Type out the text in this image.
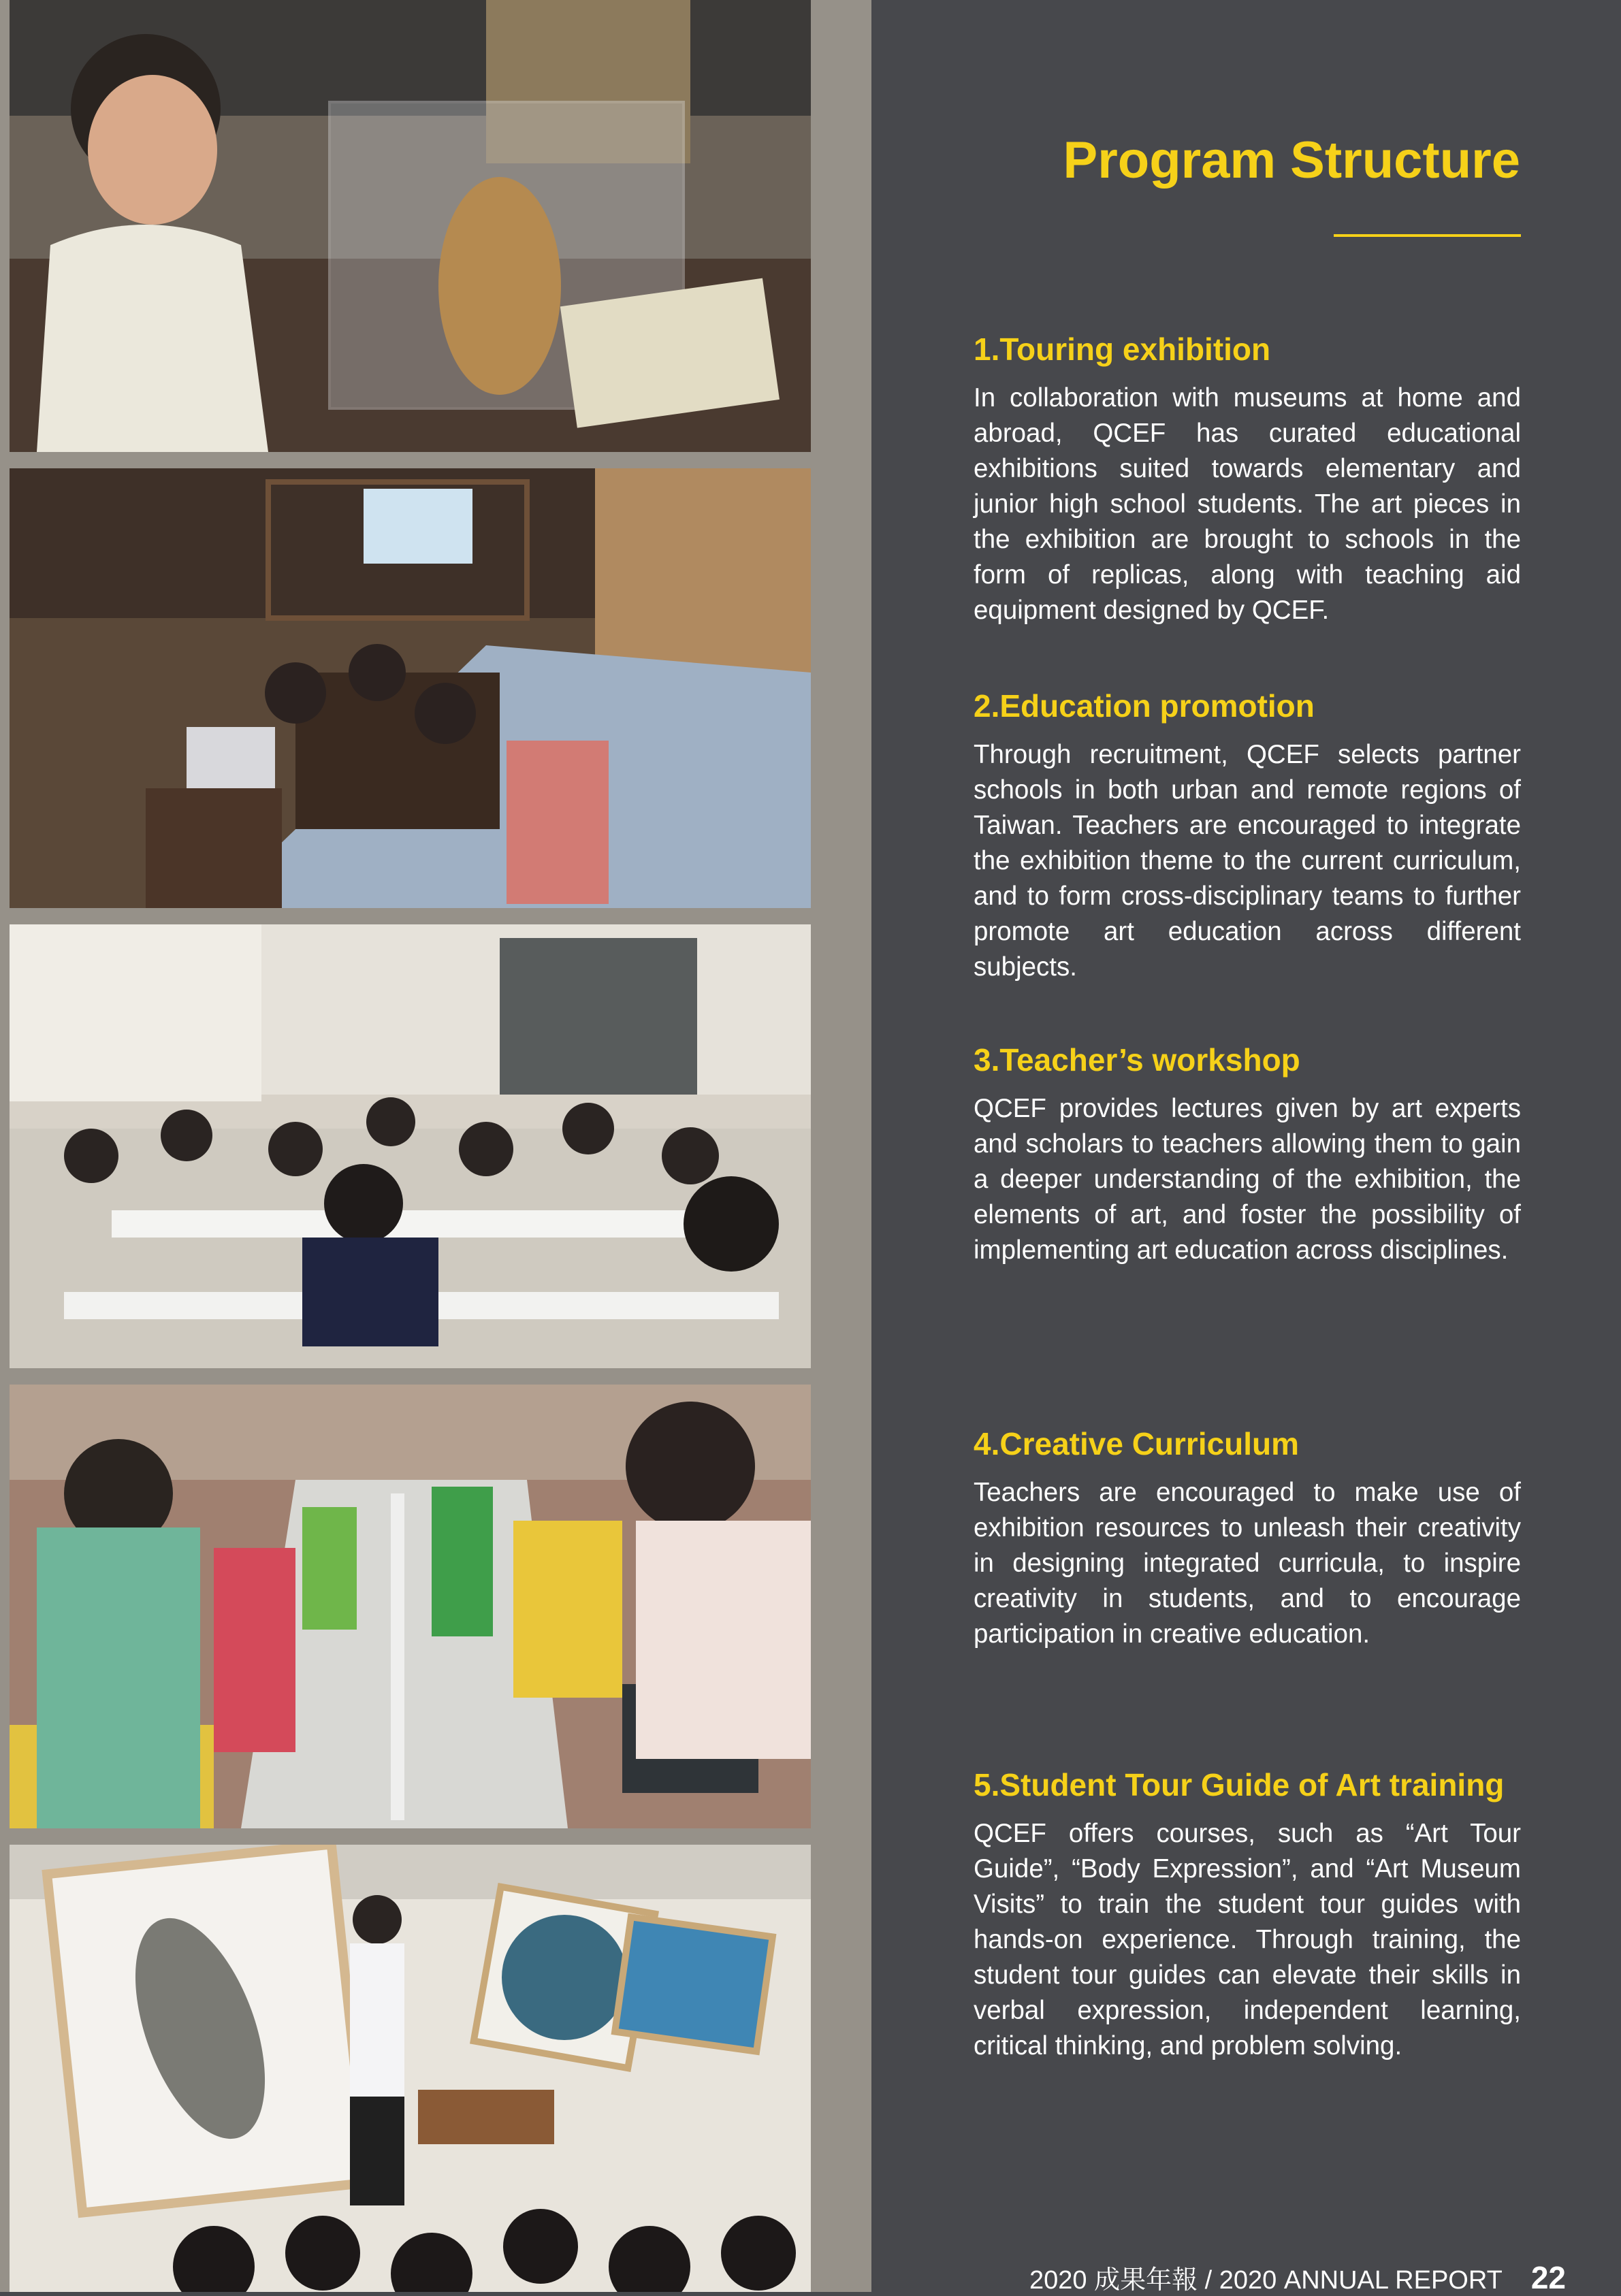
Program Structure
1.Touring exhibition

In collaboration with museums at home and abroad, QCEF has curated educational exhibitions suited towards elementary and junior high school students. The art pieces in the exhibition are brought to schools in the form of replicas, along with teaching aid equipment designed by QCEF.

2.Education promotion

Through recruitment, QCEF selects partner schools in both urban and remote regions of Taiwan. Teachers are encouraged to integrate the exhibition theme to the current curriculum, and to form cross-disciplinary teams to further promote art education across different subjects.

3.Teacher’s workshop

QCEF provides lectures given by art experts and scholars to teachers allowing them to gain a deeper understanding of the exhibition, the elements of art, and foster the possibility of implementing art education across disciplines.

4.Creative Curriculum

Teachers are encouraged to make use of exhibition resources to unleash their creativity in designing integrated curricula, to inspire creativity in students, and to encourage participation in creative education.

5.Student Tour Guide of Art training

QCEF offers courses, such as “Art Tour Guide”, “Body Expression”, and “Art Museum Visits” to train the student tour guides with hands-on experience. Through training, the student tour guides can elevate their skills in verbal expression, independent learning, critical thinking, and problem solving.

2020 成果年報 / 2020 ANNUAL REPORT 22
